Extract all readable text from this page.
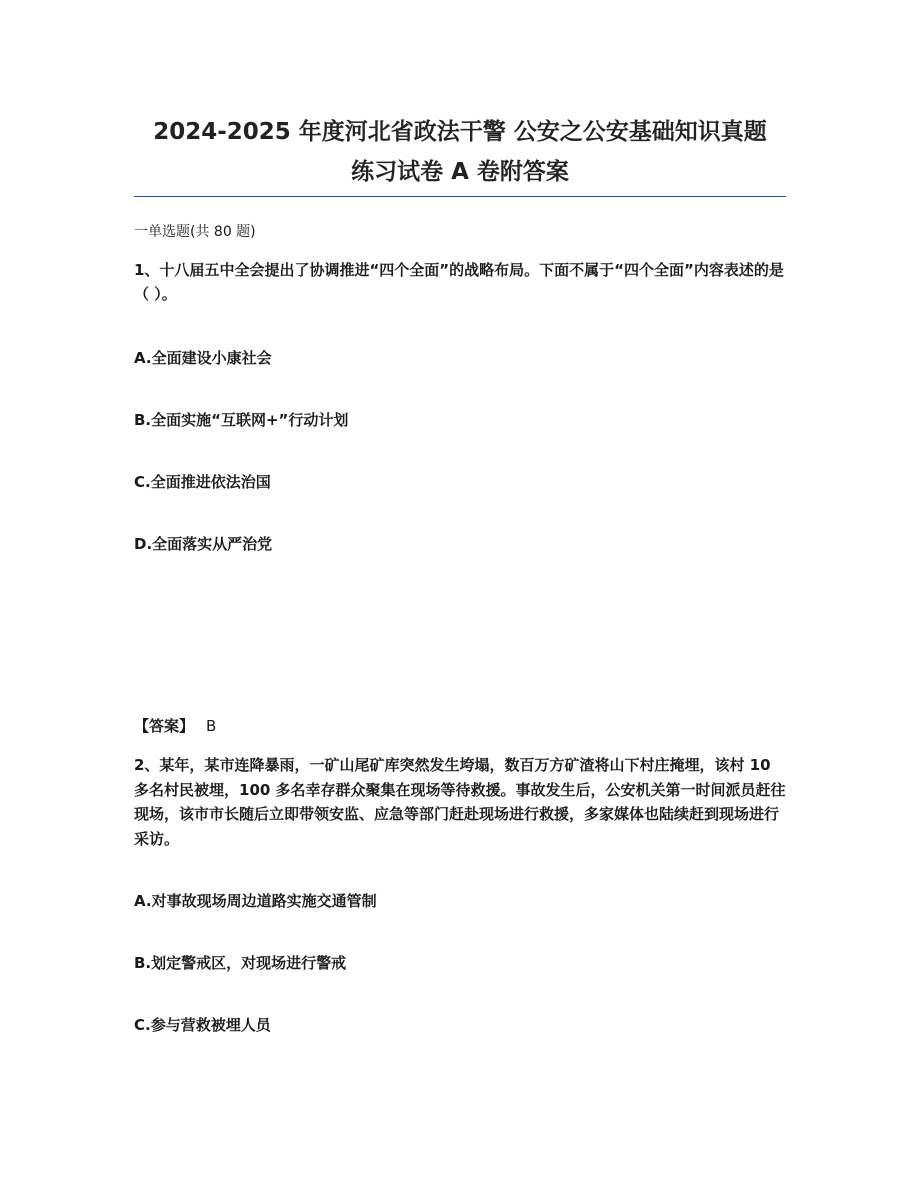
2024-2025 年度河北省政法干警 公安之公安基础知识真题
练习试卷 A 卷附答案
一单选题(共 80 题)
1、十八届五中全会提出了协调推进“四个全面”的战略布局。下面不属于“四个全面”内容表述的是（ ）。
A.全面建设小康社会
B.全面实施“互联网+”行动计划
C.全面推进依法治国
D.全面落实从严治党
【答案】 B
2、某年，某市连降暴雨，一矿山尾矿库突然发生垮塌，数百万方矿渣将山下村庄掩埋，该村 10 多名村民被埋，100 多名幸存群众聚集在现场等待救援。事故发生后，公安机关第一时间派员赶往现场，该市市长随后立即带领安监、应急等部门赶赴现场进行救援，多家媒体也陆续赶到现场进行采访。
A.对事故现场周边道路实施交通管制
B.划定警戒区，对现场进行警戒
C.参与营救被埋人员
